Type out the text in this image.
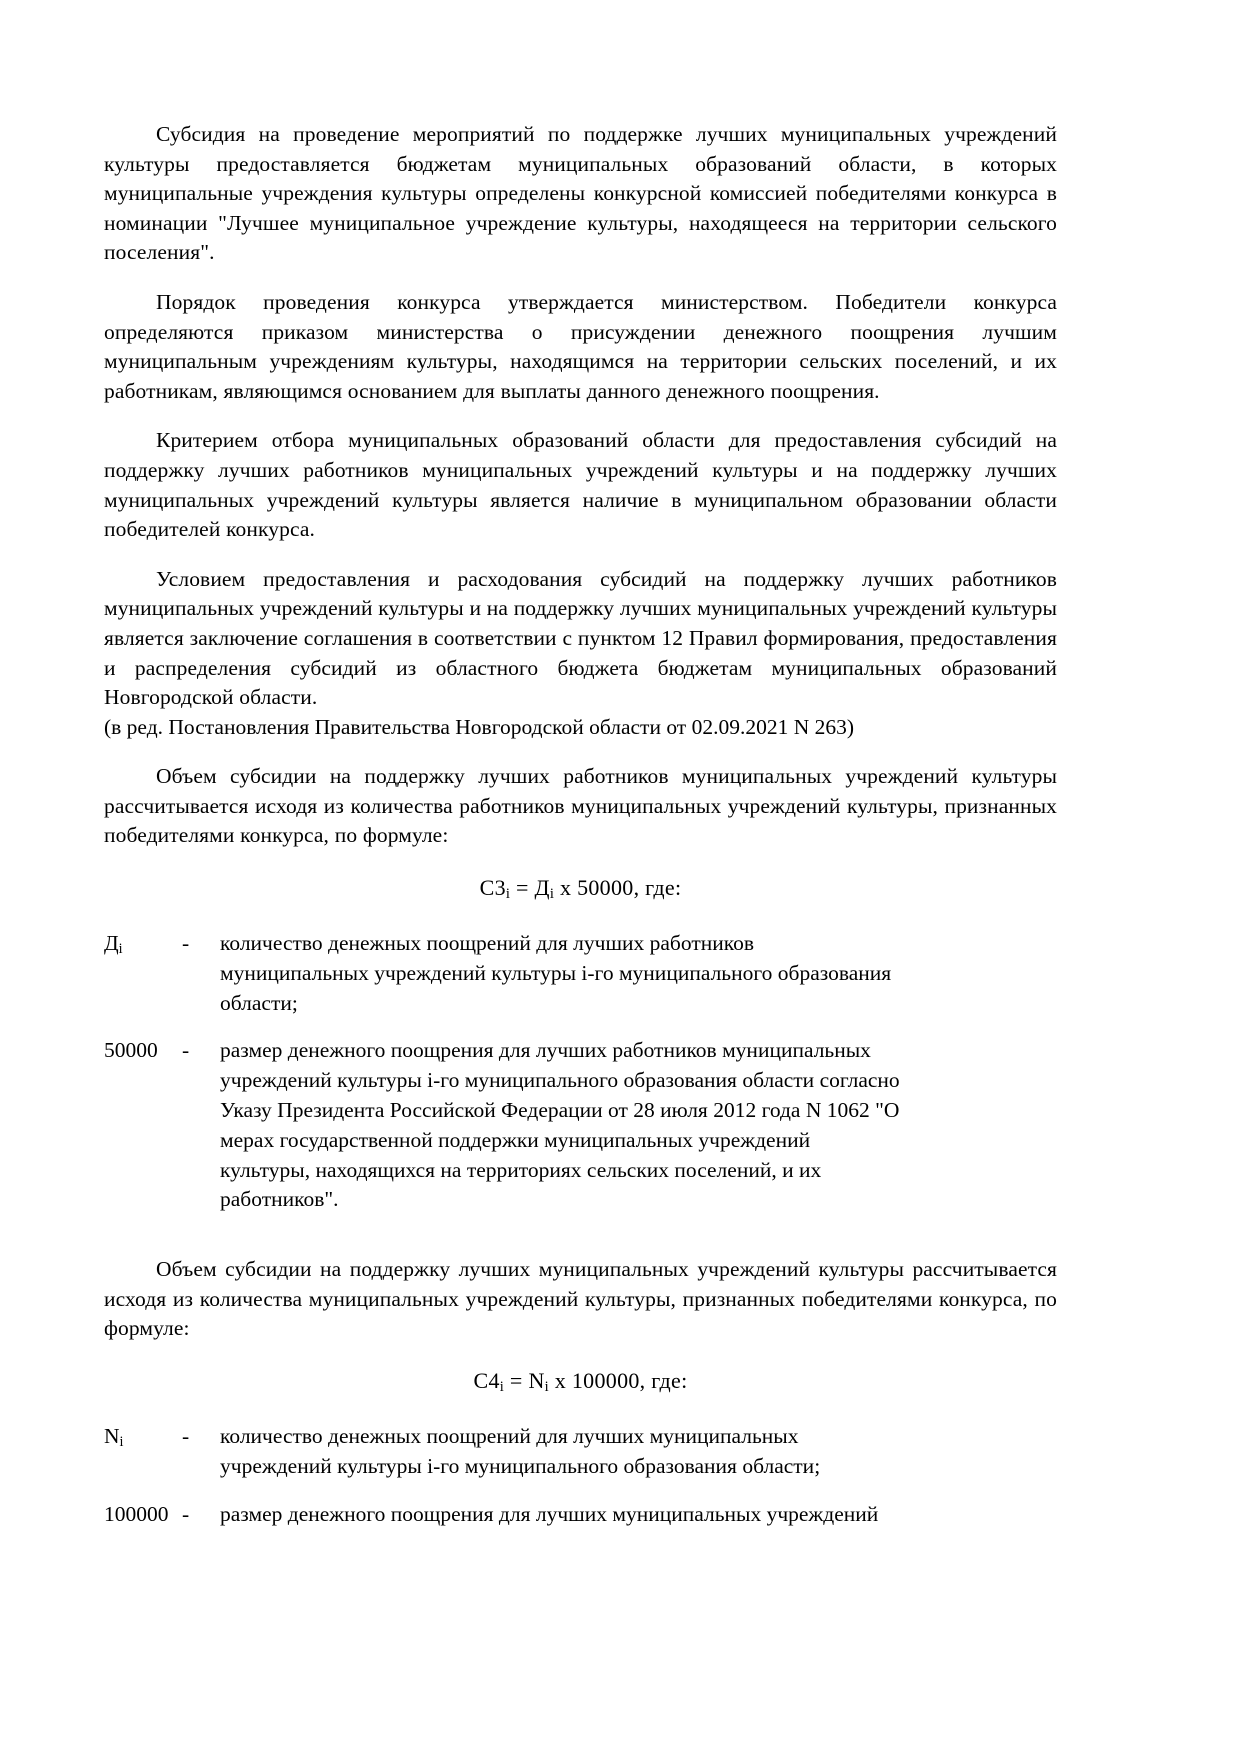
Субсидия на проведение мероприятий по поддержке лучших муниципальных учреждений культуры предоставляется бюджетам муниципальных образований области, в которых муниципальные учреждения культуры определены конкурсной комиссией победителями конкурса в номинации "Лучшее муниципальное учреждение культуры, находящееся на территории сельского поселения".

Порядок проведения конкурса утверждается министерством. Победители конкурса определяются приказом министерства о присуждении денежного поощрения лучшим муниципальным учреждениям культуры, находящимся на территории сельских поселений, и их работникам, являющимся основанием для выплаты данного денежного поощрения.

Критерием отбора муниципальных образований области для предоставления субсидий на поддержку лучших работников муниципальных учреждений культуры и на поддержку лучших муниципальных учреждений культуры является наличие в муниципальном образовании области победителей конкурса.

Условием предоставления и расходования субсидий на поддержку лучших работников муниципальных учреждений культуры и на поддержку лучших муниципальных учреждений культуры является заключение соглашения в соответствии с пунктом 12 Правил формирования, предоставления и распределения субсидий из областного бюджета бюджетам муниципальных образований Новгородской области.

(в ред. Постановления Правительства Новгородской области от 02.09.2021 N 263)

Объем субсидии на поддержку лучших работников муниципальных учреждений культуры рассчитывается исходя из количества работников муниципальных учреждений культуры, признанных победителями конкурса, по формуле:

$С3_i = Д_i$ x 50000, где:
$Д_i$	-	количество денежных поощрений для лучших работников
муниципальных учреждений культуры i-го муниципального образования
области;
50000	-	размер денежного поощрения для лучших работников муниципальных
учреждений культуры i-го муниципального образования области согласно
Указу Президента Российской Федерации от 28 июля 2012 года N 1062 "О
мерах государственной поддержки муниципальных учреждений
культуры, находящихся на территориях сельских поселений, и их
работников".

Объем субсидии на поддержку лучших муниципальных учреждений культуры рассчитывается исходя из количества муниципальных учреждений культуры, признанных победителями конкурса, по формуле:

$С4_i = N_i$ x 100000, где:
$N_i$	-	количество денежных поощрений для лучших муниципальных
учреждений культуры i-го муниципального образования области;
100000 -	размер денежного поощрения для лучших муниципальных учреждений
